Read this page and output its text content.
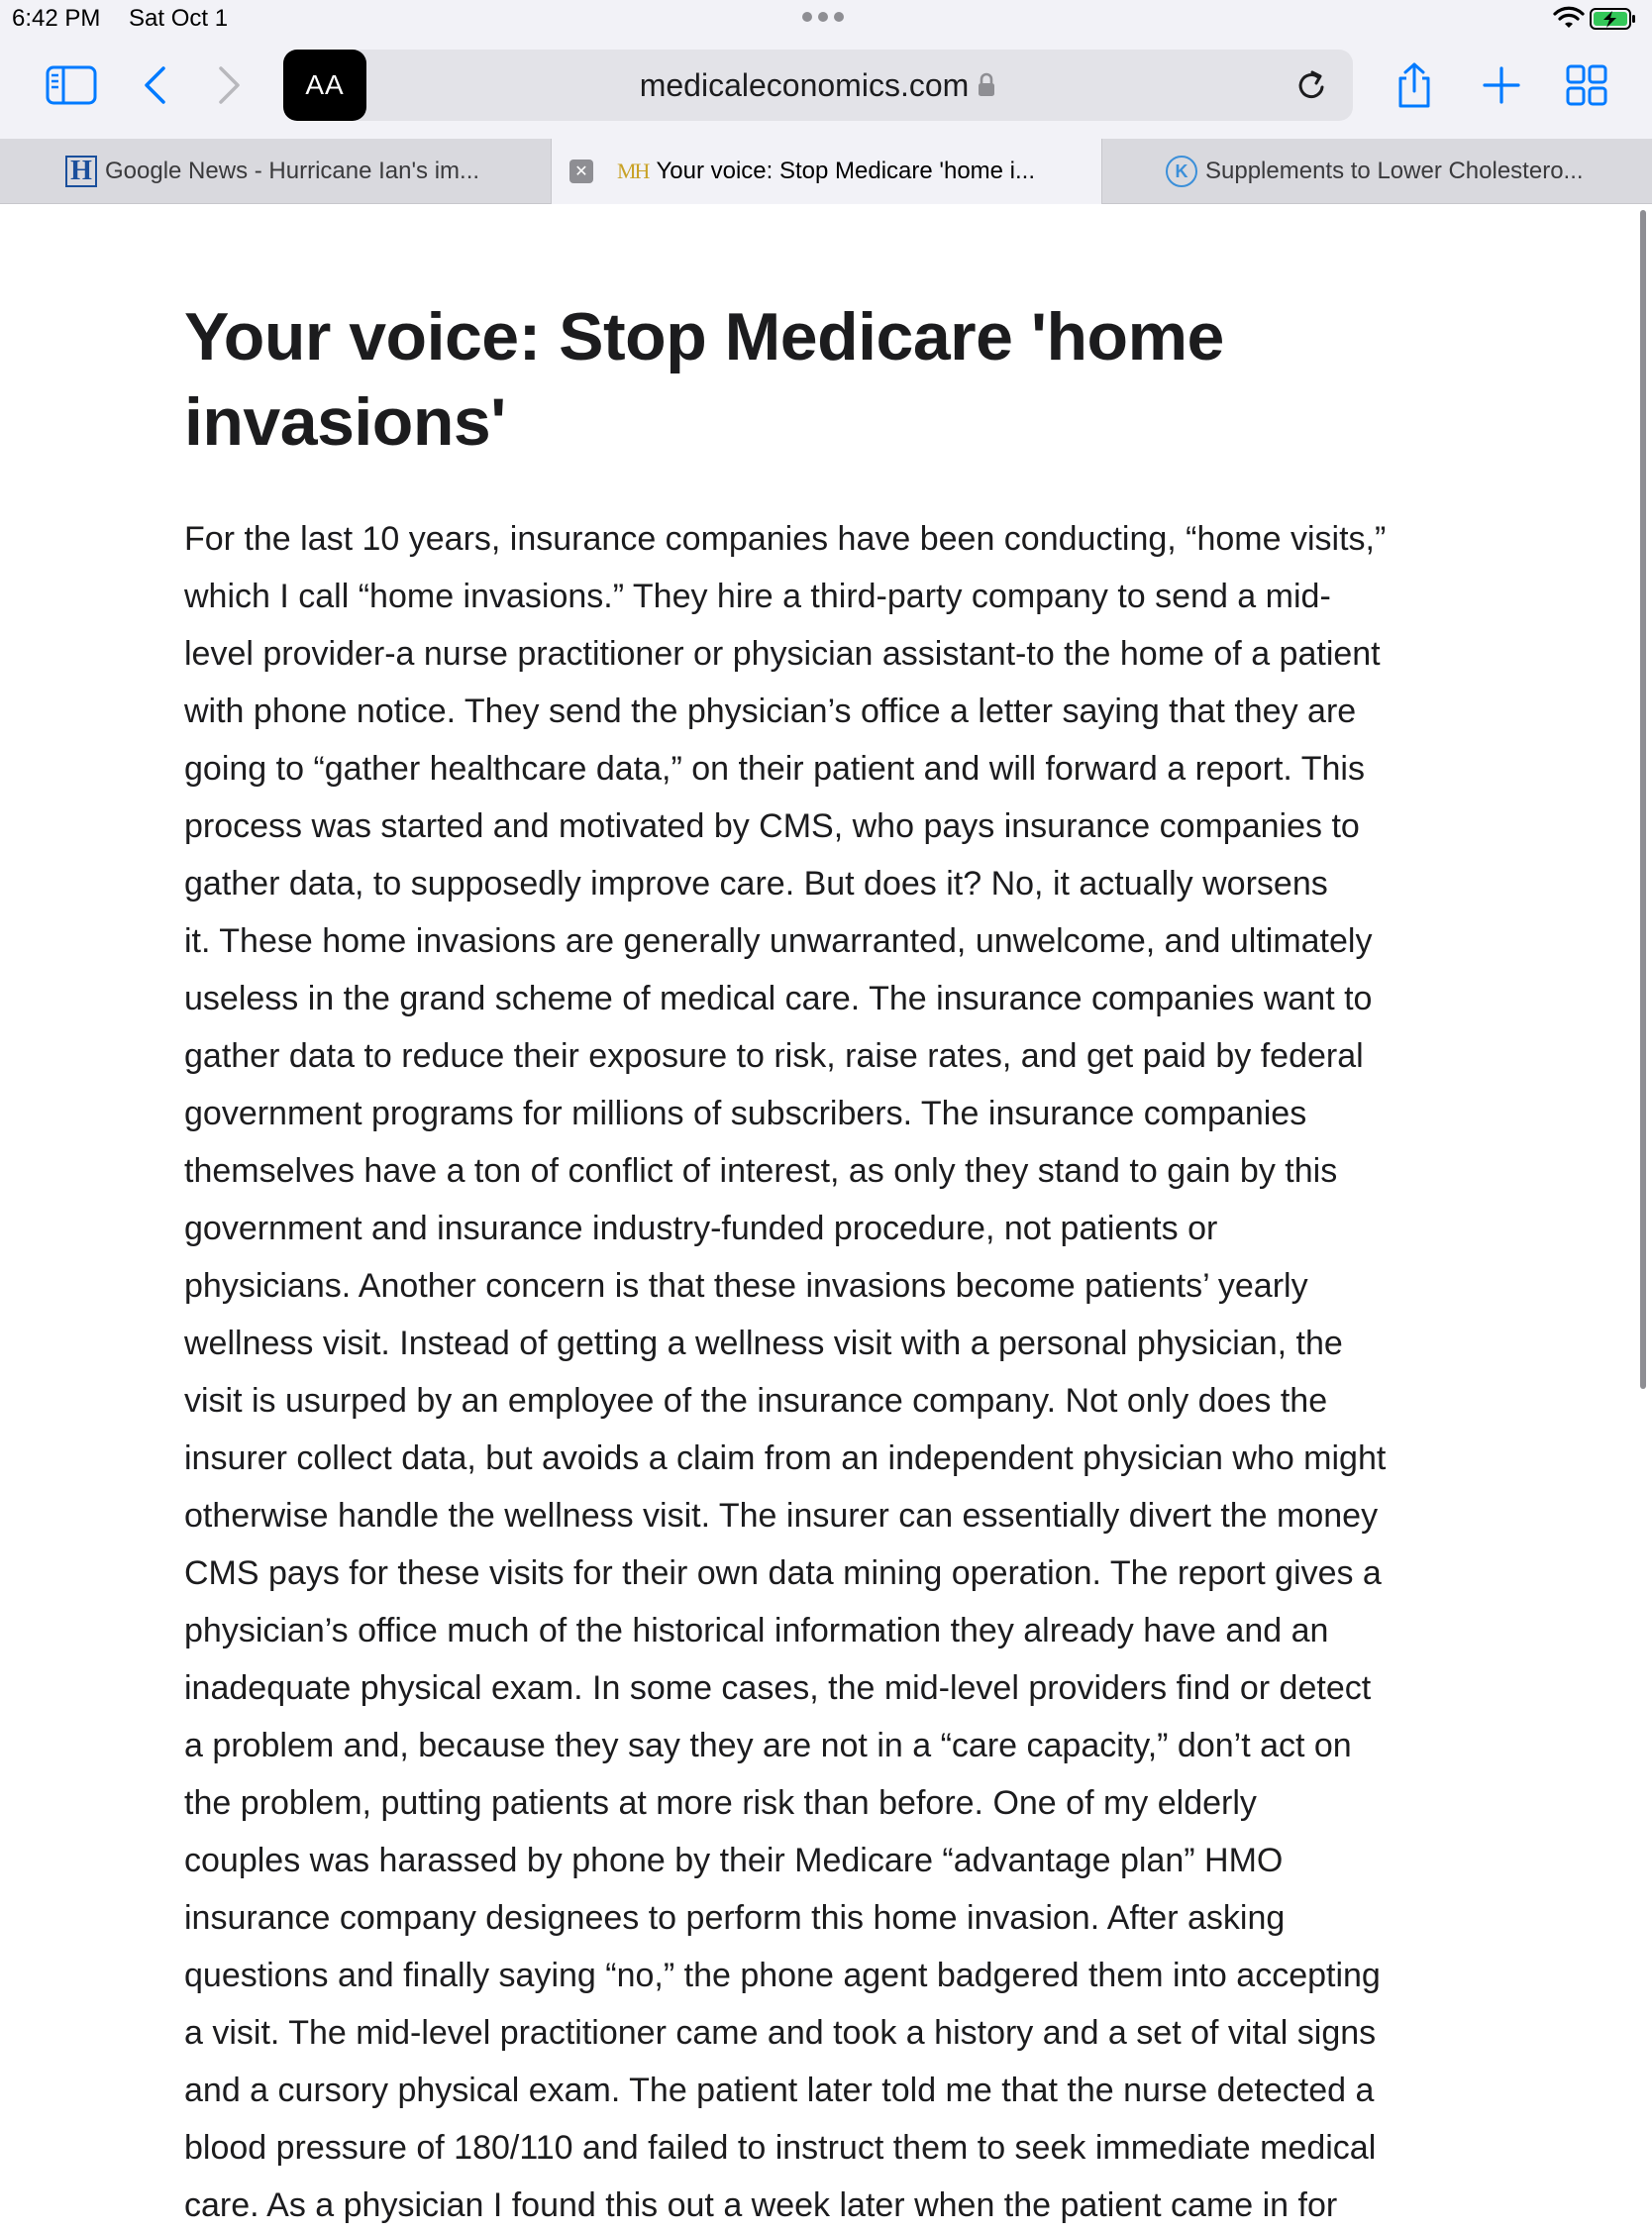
6:42 PM Sat Oct 1
AA	medicaleconomics.com
H Google News - Hurricane Ian's im...	✕ MH Your voice: Stop Medicare 'home i...	K Supplements to Lower Cholestero...
Your voice: Stop Medicare 'home invasions'
For the last 10 years, insurance companies have been conducting, “home visits,”
which I call “home invasions.” They hire a third-party company to send a mid-
level provider-a nurse practitioner or physician assistant-to the home of a patient
with phone notice. They send the physician’s office a letter saying that they are
going to “gather healthcare data,” on their patient and will forward a report. This
process was started and motivated by CMS, who pays insurance companies to
gather data, to supposedly improve care. But does it? No, it actually worsens
it. These home invasions are generally unwarranted, unwelcome, and ultimately
useless in the grand scheme of medical care. The insurance companies want to
gather data to reduce their exposure to risk, raise rates, and get paid by federal
government programs for millions of subscribers. The insurance companies
themselves have a ton of conflict of interest, as only they stand to gain by this
government and insurance industry-funded procedure, not patients or
physicians. Another concern is that these invasions become patients’ yearly
wellness visit. Instead of getting a wellness visit with a personal physician, the
visit is usurped by an employee of the insurance company. Not only does the
insurer collect data, but avoids a claim from an independent physician who might
otherwise handle the wellness visit. The insurer can essentially divert the money
CMS pays for these visits for their own data mining operation. The report gives a
physician’s office much of the historical information they already have and an
inadequate physical exam. In some cases, the mid-level providers find or detect
a problem and, because they say they are not in a “care capacity,” don’t act on
the problem, putting patients at more risk than before. One of my elderly
couples was harassed by phone by their Medicare “advantage plan” HMO
insurance company designees to perform this home invasion. After asking
questions and finally saying “no,” the phone agent badgered them into accepting
a visit. The mid-level practitioner came and took a history and a set of vital signs
and a cursory physical exam. The patient later told me that the nurse detected a
blood pressure of 180/110 and failed to instruct them to seek immediate medical
care. As a physician I found this out a week later when the patient came in for
